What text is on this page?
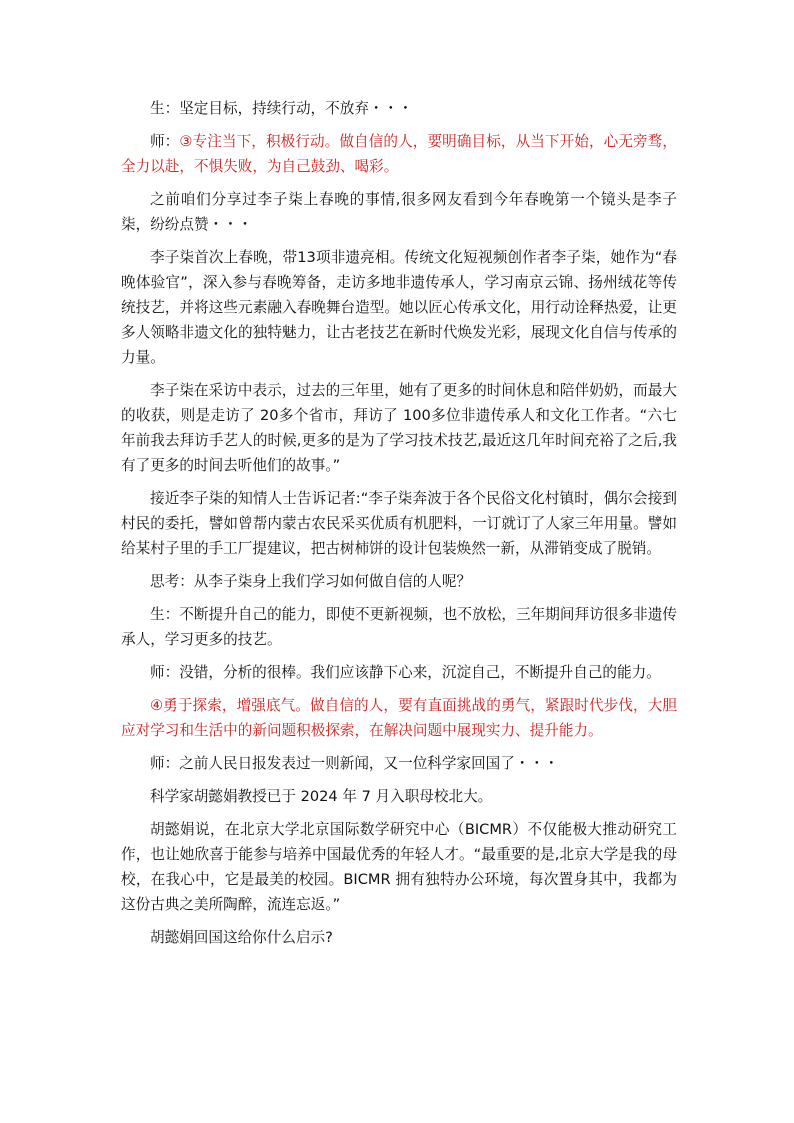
生：坚定目标，持续行动，不放弃・・・

师：③专注当下，积极行动。做自信的人，要明确目标，从当下开始，心无旁骛，全力以赴，不惧失败，为自己鼓劲、喝彩。

之前咱们分享过李子柒上春晚的事情,很多网友看到今年春晚第一个镜头是李子柒，纷纷点赞・・・

李子柒首次上春晚，带13项非遗亮相。传统文化短视频创作者李子柒，她作为“春晚体验官”，深入参与春晚筹备，走访多地非遗传承人，学习南京云锦、扬州绒花等传统技艺，并将这些元素融入春晚舞台造型。她以匠心传承文化，用行动诠释热爱，让更多人领略非遗文化的独特魅力，让古老技艺在新时代焕发光彩，展现文化自信与传承的力量。

李子柒在采访中表示，过去的三年里，她有了更多的时间休息和陪伴奶奶，而最大的收获，则是走访了 20多个省市，拜访了 100多位非遗传承人和文化工作者。“六七年前我去拜访手艺人的时候,更多的是为了学习技术技艺,最近这几年时间充裕了之后,我有了更多的时间去听他们的故事。”

接近李子柒的知情人士告诉记者:“李子柒奔波于各个民俗文化村镇时，偶尔会接到村民的委托，譬如曾帮内蒙古农民采买优质有机肥料，一订就订了人家三年用量。譬如给某村子里的手工厂提建议，把古树柿饼的设计包装焕然一新，从滞销变成了脱销。

思考：从李子柒身上我们学习如何做自信的人呢？

生：不断提升自己的能力，即使不更新视频，也不放松，三年期间拜访很多非遗传承人，学习更多的技艺。

师：没错，分析的很棒。我们应该静下心来，沉淀自己，不断提升自己的能力。

④勇于探索，增强底气。做自信的人，要有直面挑战的勇气，紧跟时代步伐，大胆应对学习和生活中的新问题积极探索，在解决问题中展现实力、提升能力。

师：之前人民日报发表过一则新闻，又一位科学家回国了・・・

科学家胡懿娟教授已于 2024 年 7 月入职母校北大。

胡懿娟说，在北京大学北京国际数学研究中心（BICMR）不仅能极大推动研究工作，也让她欣喜于能参与培养中国最优秀的年轻人才。“最重要的是,北京大学是我的母校，在我心中，它是最美的校园。BICMR 拥有独特办公环境，每次置身其中，我都为这份古典之美所陶醉，流连忘返。”

胡懿娟回国这给你什么启示?
